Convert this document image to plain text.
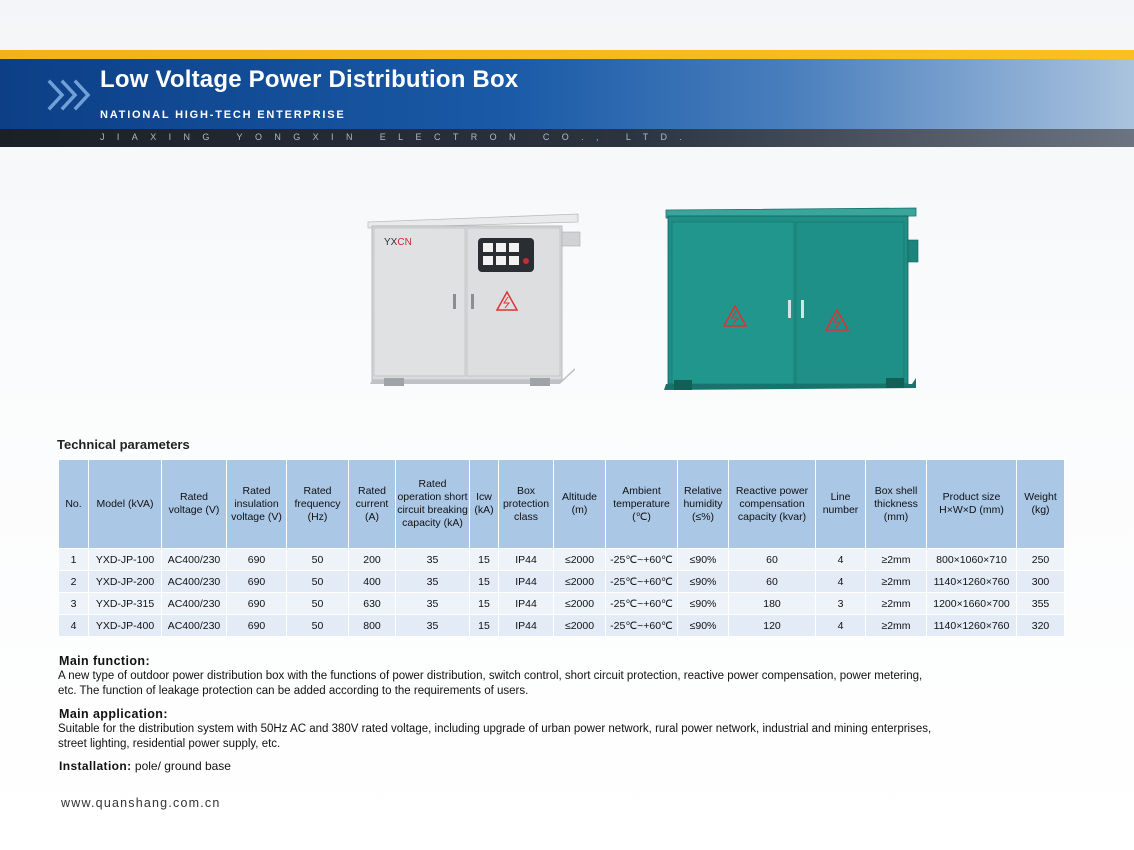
Low Voltage Power Distribution Box
NATIONAL HIGH-TECH ENTERPRISE
JIAXING YONGXIN ELECTRON CO., LTD.
YXCN
Technical parameters
No.	Model (kVA)	Rated voltage (V)	Rated insulation voltage (V)	Rated frequency (Hz)	Rated current (A)	Rated operation short circuit breaking capacity (kA)	Icw (kA)	Box protection class	Altitude (m)	Ambient temperature (℃)	Relative humidity (≤%)	Reactive power compensation capacity (kvar)	Line number	Box shell thickness (mm)	Product size H×W×D (mm)	Weight (kg)
1	YXD-JP-100	AC400/230	690	50	200	35	15	IP44	≤2000	-25℃~+60℃	≤90%	60	4	≥2mm	800×1060×710	250
2	YXD-JP-200	AC400/230	690	50	400	35	15	IP44	≤2000	-25℃~+60℃	≤90%	60	4	≥2mm	1140×1260×760	300
3	YXD-JP-315	AC400/230	690	50	630	35	15	IP44	≤2000	-25℃~+60℃	≤90%	180	3	≥2mm	1200×1660×700	355
4	YXD-JP-400	AC400/230	690	50	800	35	15	IP44	≤2000	-25℃~+60℃	≤90%	120	4	≥2mm	1140×1260×760	320
Main function:
A new type of outdoor power distribution box with the functions of power distribution, switch control, short circuit protection, reactive power compensation, power metering, etc. The function of leakage protection can be added according to the requirements of users.
Main application:
Suitable for the distribution system with 50Hz AC and 380V rated voltage, including upgrade of urban power network, rural power network, industrial and mining enterprises, street lighting, residential power supply, etc.
Installation: pole/ ground base
www.quanshang.com.cn
